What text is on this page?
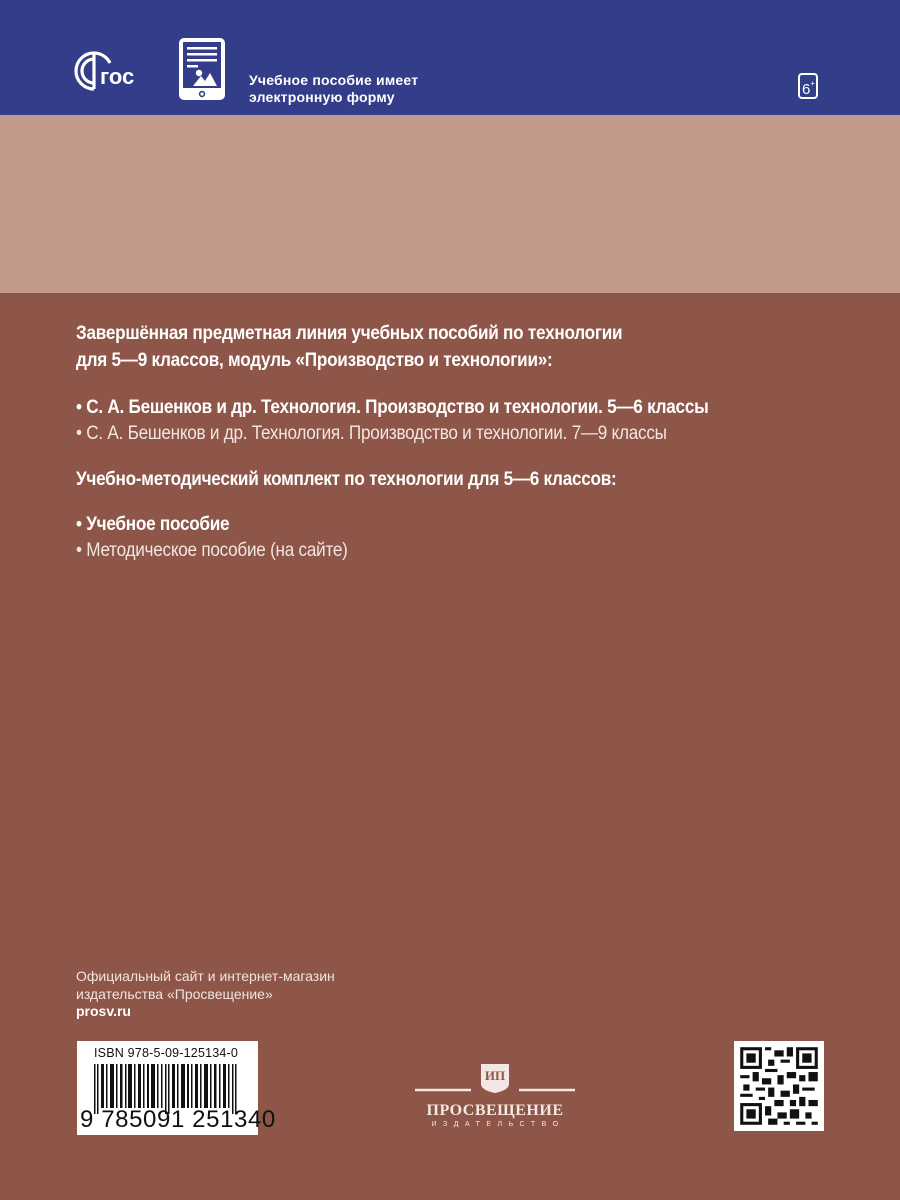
гос	Учебное пособие имеет
электронную форму	6+
Завершённая предметная линия учебных пособий по технологии
для 5—9 классов, модуль «Производство и технологии»:
• С. А. Бешенков и др. Технология. Производство и технологии. 5—6 классы
• С. А. Бешенков и др. Технология. Производство и технологии. 7—9 классы
Учебно-методический комплект по технологии для 5—6 классов:
• Учебное пособие
• Методическое пособие (на сайте)
Официальный сайт и интернет-магазин
издательства «Просвещение»
prosv.ru
ISBN 978-5-09-125134-0
9 785091 251340
ИП
ПРОСВЕЩЕНИЕ
ИЗДАТЕЛЬСТВО
